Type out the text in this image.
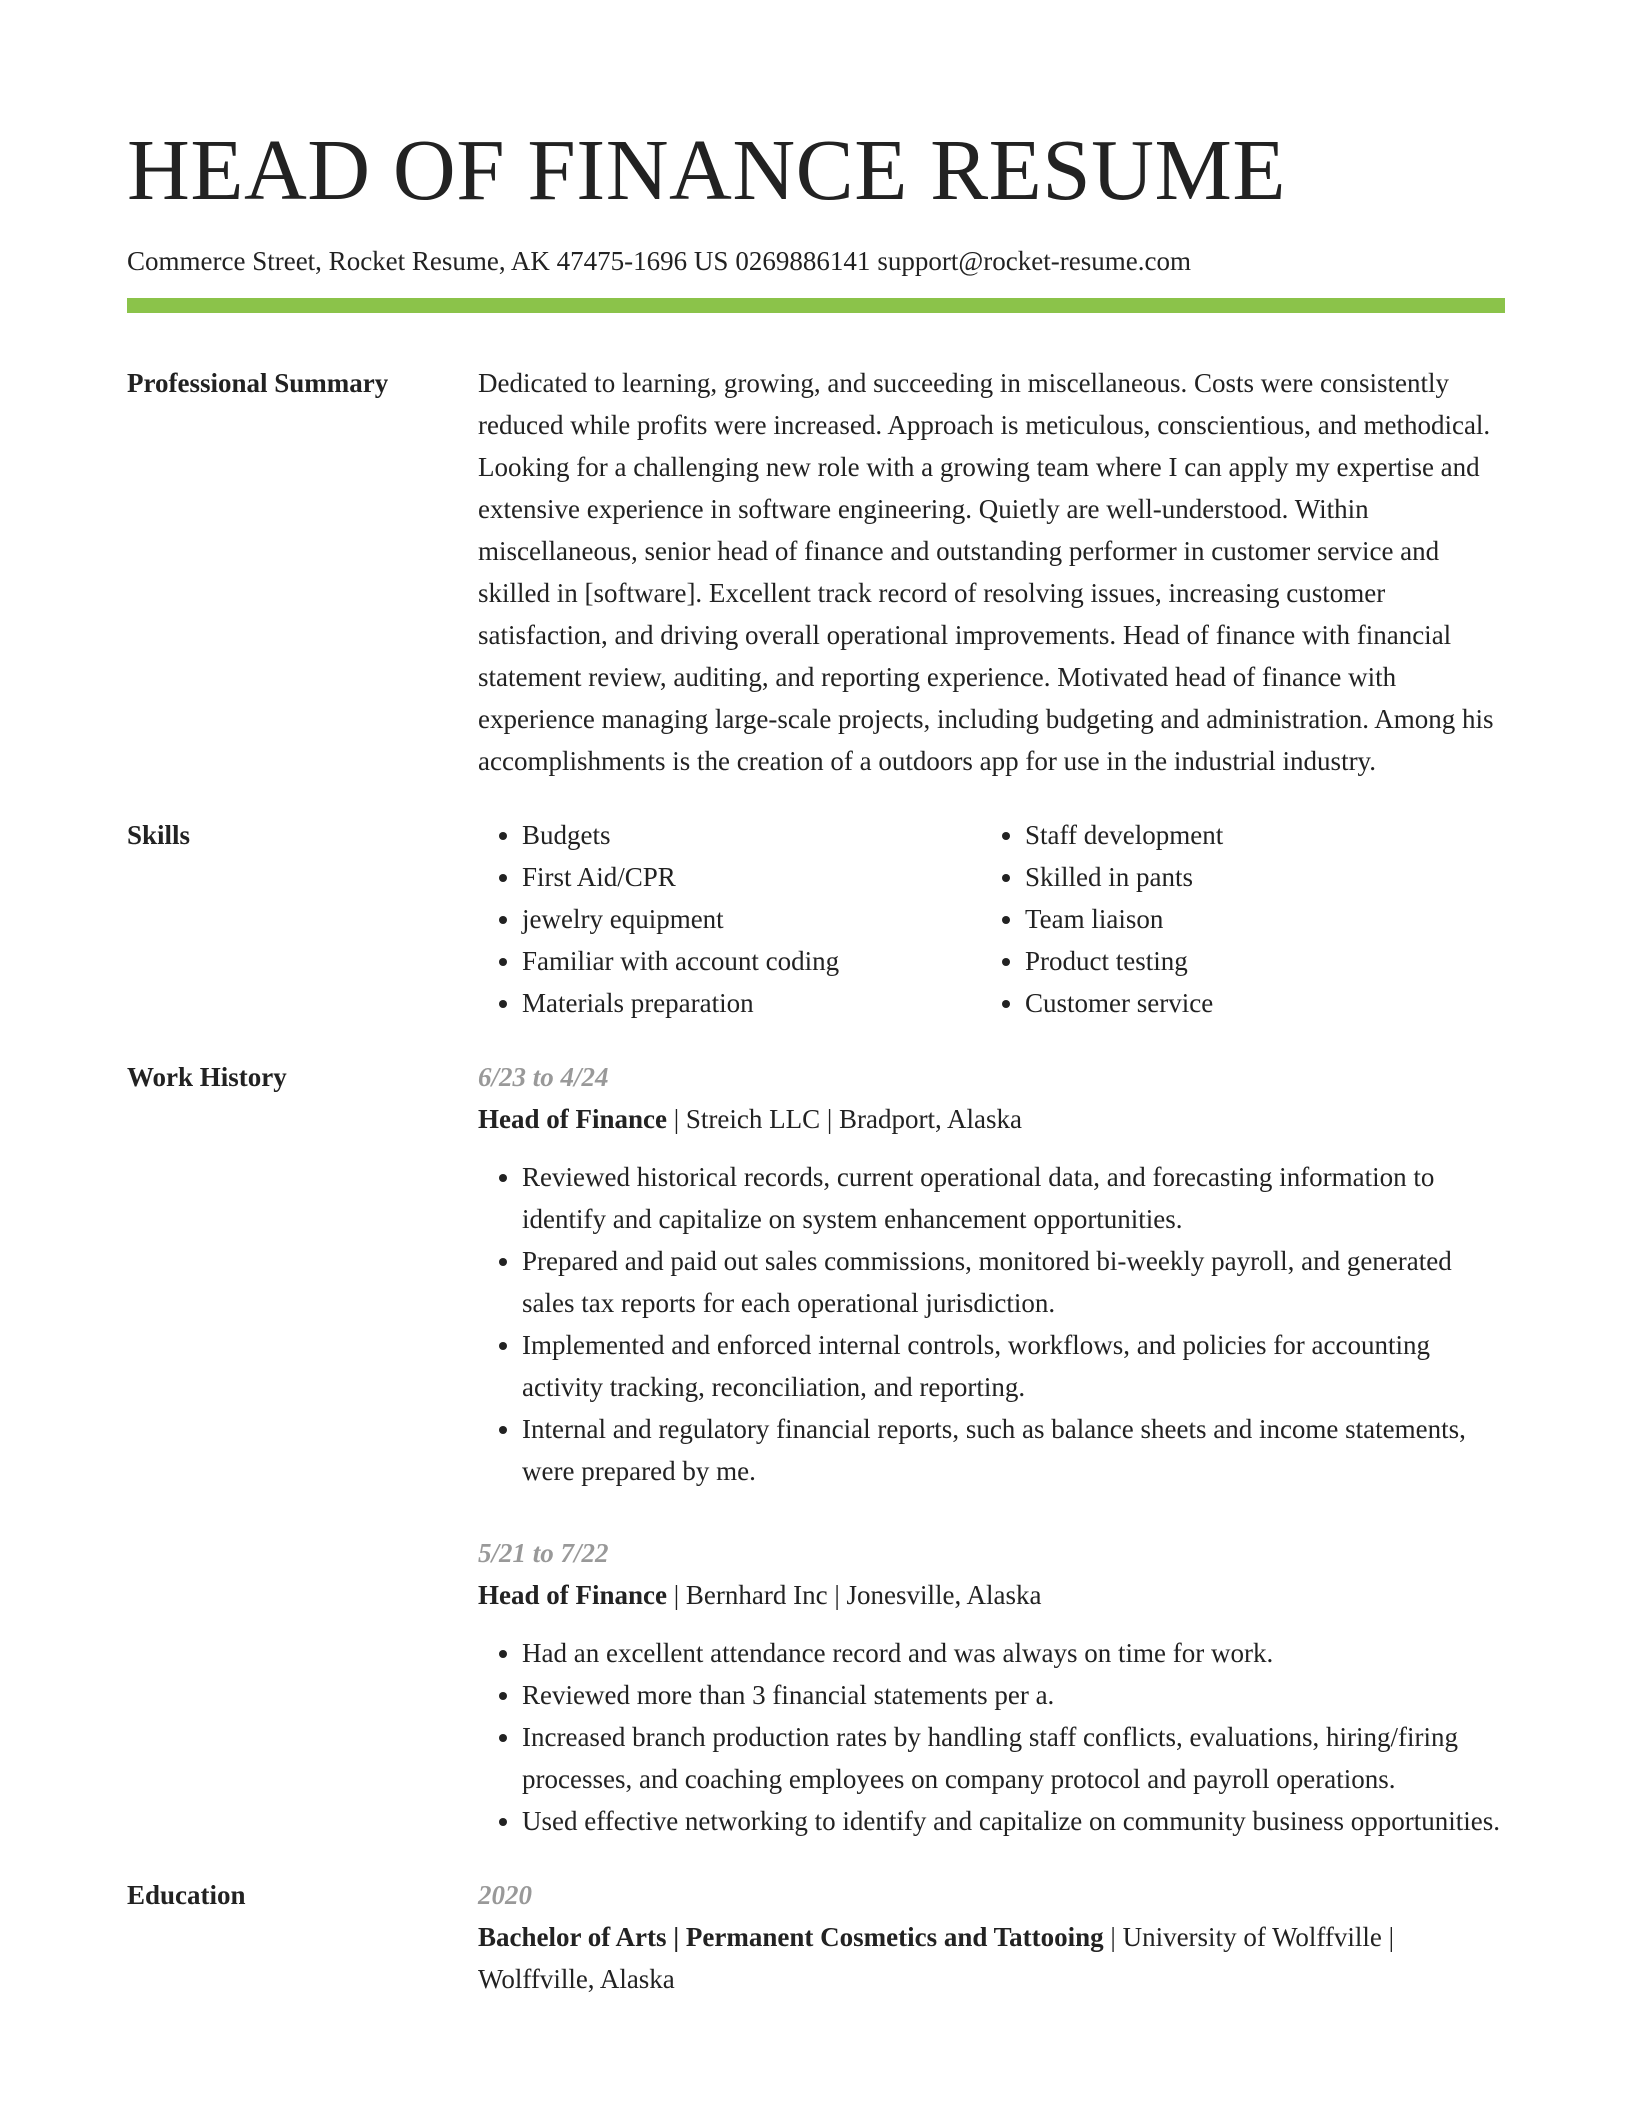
HEAD OF FINANCE RESUME
Commerce Street, Rocket Resume, AK 47475-1696 US 0269886141 support@rocket-resume.com
Professional Summary	Dedicated to learning, growing, and succeeding in miscellaneous. Costs were consistently reduced while profits were increased. Approach is meticulous, conscientious, and methodical. Looking for a challenging new role with a growing team where I can apply my expertise and extensive experience in software engineering. Quietly are well-understood. Within miscellaneous, senior head of finance and outstanding performer in customer service and skilled in [software]. Excellent track record of resolving issues, increasing customer satisfaction, and driving overall operational improvements. Head of finance with financial statement review, auditing, and reporting experience. Motivated head of finance with experience managing large-scale projects, including budgeting and administration. Among his accomplishments is the creation of a outdoors app for use in the industrial industry.
Skills
•	Budgets
• First Aid/CPR
• jewelry equipment
• Familiar with account coding
• Materials preparation
• Staff development
• Skilled in pants
• Team liaison
• Product testing
• Customer service
Work History	6/23 to 4/24
Head of Finance | Streich LLC | Bradport, Alaska
• Reviewed historical records, current operational data, and forecasting information to identify and capitalize on system enhancement opportunities.
• Prepared and paid out sales commissions, monitored bi-weekly payroll, and generated sales tax reports for each operational jurisdiction.
• Implemented and enforced internal controls, workflows, and policies for accounting activity tracking, reconciliation, and reporting.
• Internal and regulatory financial reports, such as balance sheets and income statements, were prepared by me.
5/21 to 7/22
Head of Finance | Bernhard Inc | Jonesville, Alaska
• Had an excellent attendance record and was always on time for work.
• Reviewed more than 3 financial statements per a.
• Increased branch production rates by handling staff conflicts, evaluations, hiring/firing processes, and coaching employees on company protocol and payroll operations.
• Used effective networking to identify and capitalize on community business opportunities.
Education	2020
Bachelor of Arts | Permanent Cosmetics and Tattooing | University of Wolffville | Wolffville, Alaska
